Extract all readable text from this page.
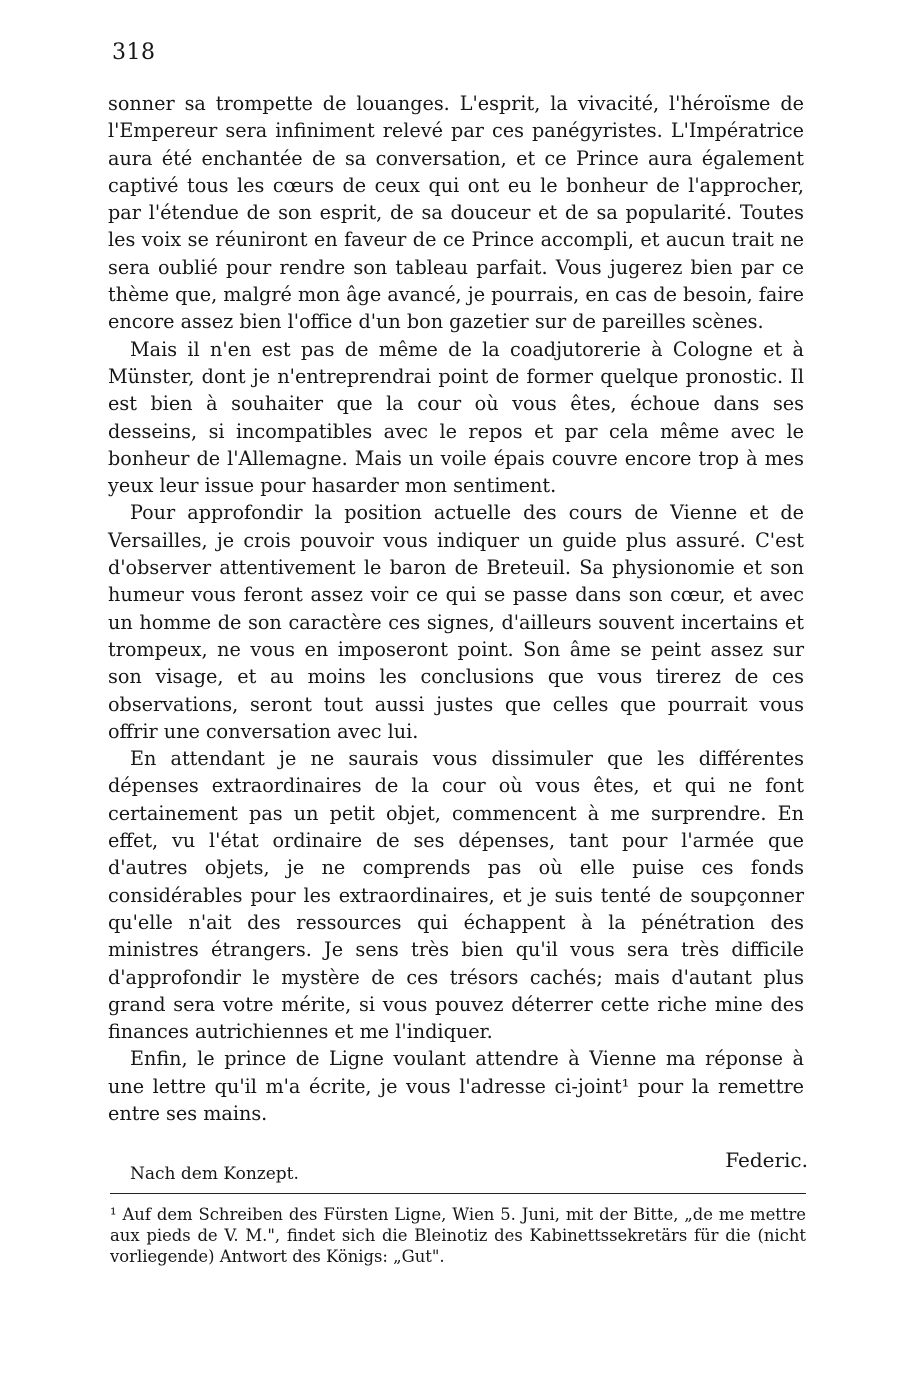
318

sonner sa trompette de louanges. L'esprit, la vivacité, l'héroïsme de l'Empereur sera infiniment relevé par ces panégyristes. L'Impératrice aura été enchantée de sa conversation, et ce Prince aura également captivé tous les cœurs de ceux qui ont eu le bonheur de l'approcher, par l'étendue de son esprit, de sa douceur et de sa popularité. Toutes les voix se réuniront en faveur de ce Prince accompli, et aucun trait ne sera oublié pour rendre son tableau parfait. Vous jugerez bien par ce thème que, malgré mon âge avancé, je pourrais, en cas de besoin, faire encore assez bien l'office d'un bon gazetier sur de pareilles scènes.

Mais il n'en est pas de même de la coadjutorerie à Cologne et à Münster, dont je n'entreprendrai point de former quelque pronostic. Il est bien à souhaiter que la cour où vous êtes, échoue dans ses desseins, si incompatibles avec le repos et par cela même avec le bonheur de l'Allemagne. Mais un voile épais couvre encore trop à mes yeux leur issue pour hasarder mon sentiment.

Pour approfondir la position actuelle des cours de Vienne et de Versailles, je crois pouvoir vous indiquer un guide plus assuré. C'est d'observer attentivement le baron de Breteuil. Sa physionomie et son humeur vous feront assez voir ce qui se passe dans son cœur, et avec un homme de son caractère ces signes, d'ailleurs souvent incertains et trompeux, ne vous en imposeront point. Son âme se peint assez sur son visage, et au moins les conclusions que vous tirerez de ces observations, seront tout aussi justes que celles que pourrait vous offrir une conversation avec lui.

En attendant je ne saurais vous dissimuler que les différentes dépenses extraordinaires de la cour où vous êtes, et qui ne font certainement pas un petit objet, commencent à me surprendre. En effet, vu l'état ordinaire de ses dépenses, tant pour l'armée que d'autres objets, je ne comprends pas où elle puise ces fonds considérables pour les extraordinaires, et je suis tenté de soupçonner qu'elle n'ait des ressources qui échappent à la pénétration des ministres étrangers. Je sens très bien qu'il vous sera très difficile d'approfondir le mystère de ces trésors cachés; mais d'autant plus grand sera votre mérite, si vous pouvez déterrer cette riche mine des finances autrichiennes et me l'indiquer.

Enfin, le prince de Ligne voulant attendre à Vienne ma réponse à une lettre qu'il m'a écrite, je vous l'adresse ci-joint¹ pour la remettre entre ses mains.

Federic.
Nach dem Konzept.
¹ Auf dem Schreiben des Fürsten Ligne, Wien 5. Juni, mit der Bitte, „de me mettre aux pieds de V. M.", findet sich die Bleinotiz des Kabinettssekretärs für die (nicht vorliegende) Antwort des Königs: „Gut".
